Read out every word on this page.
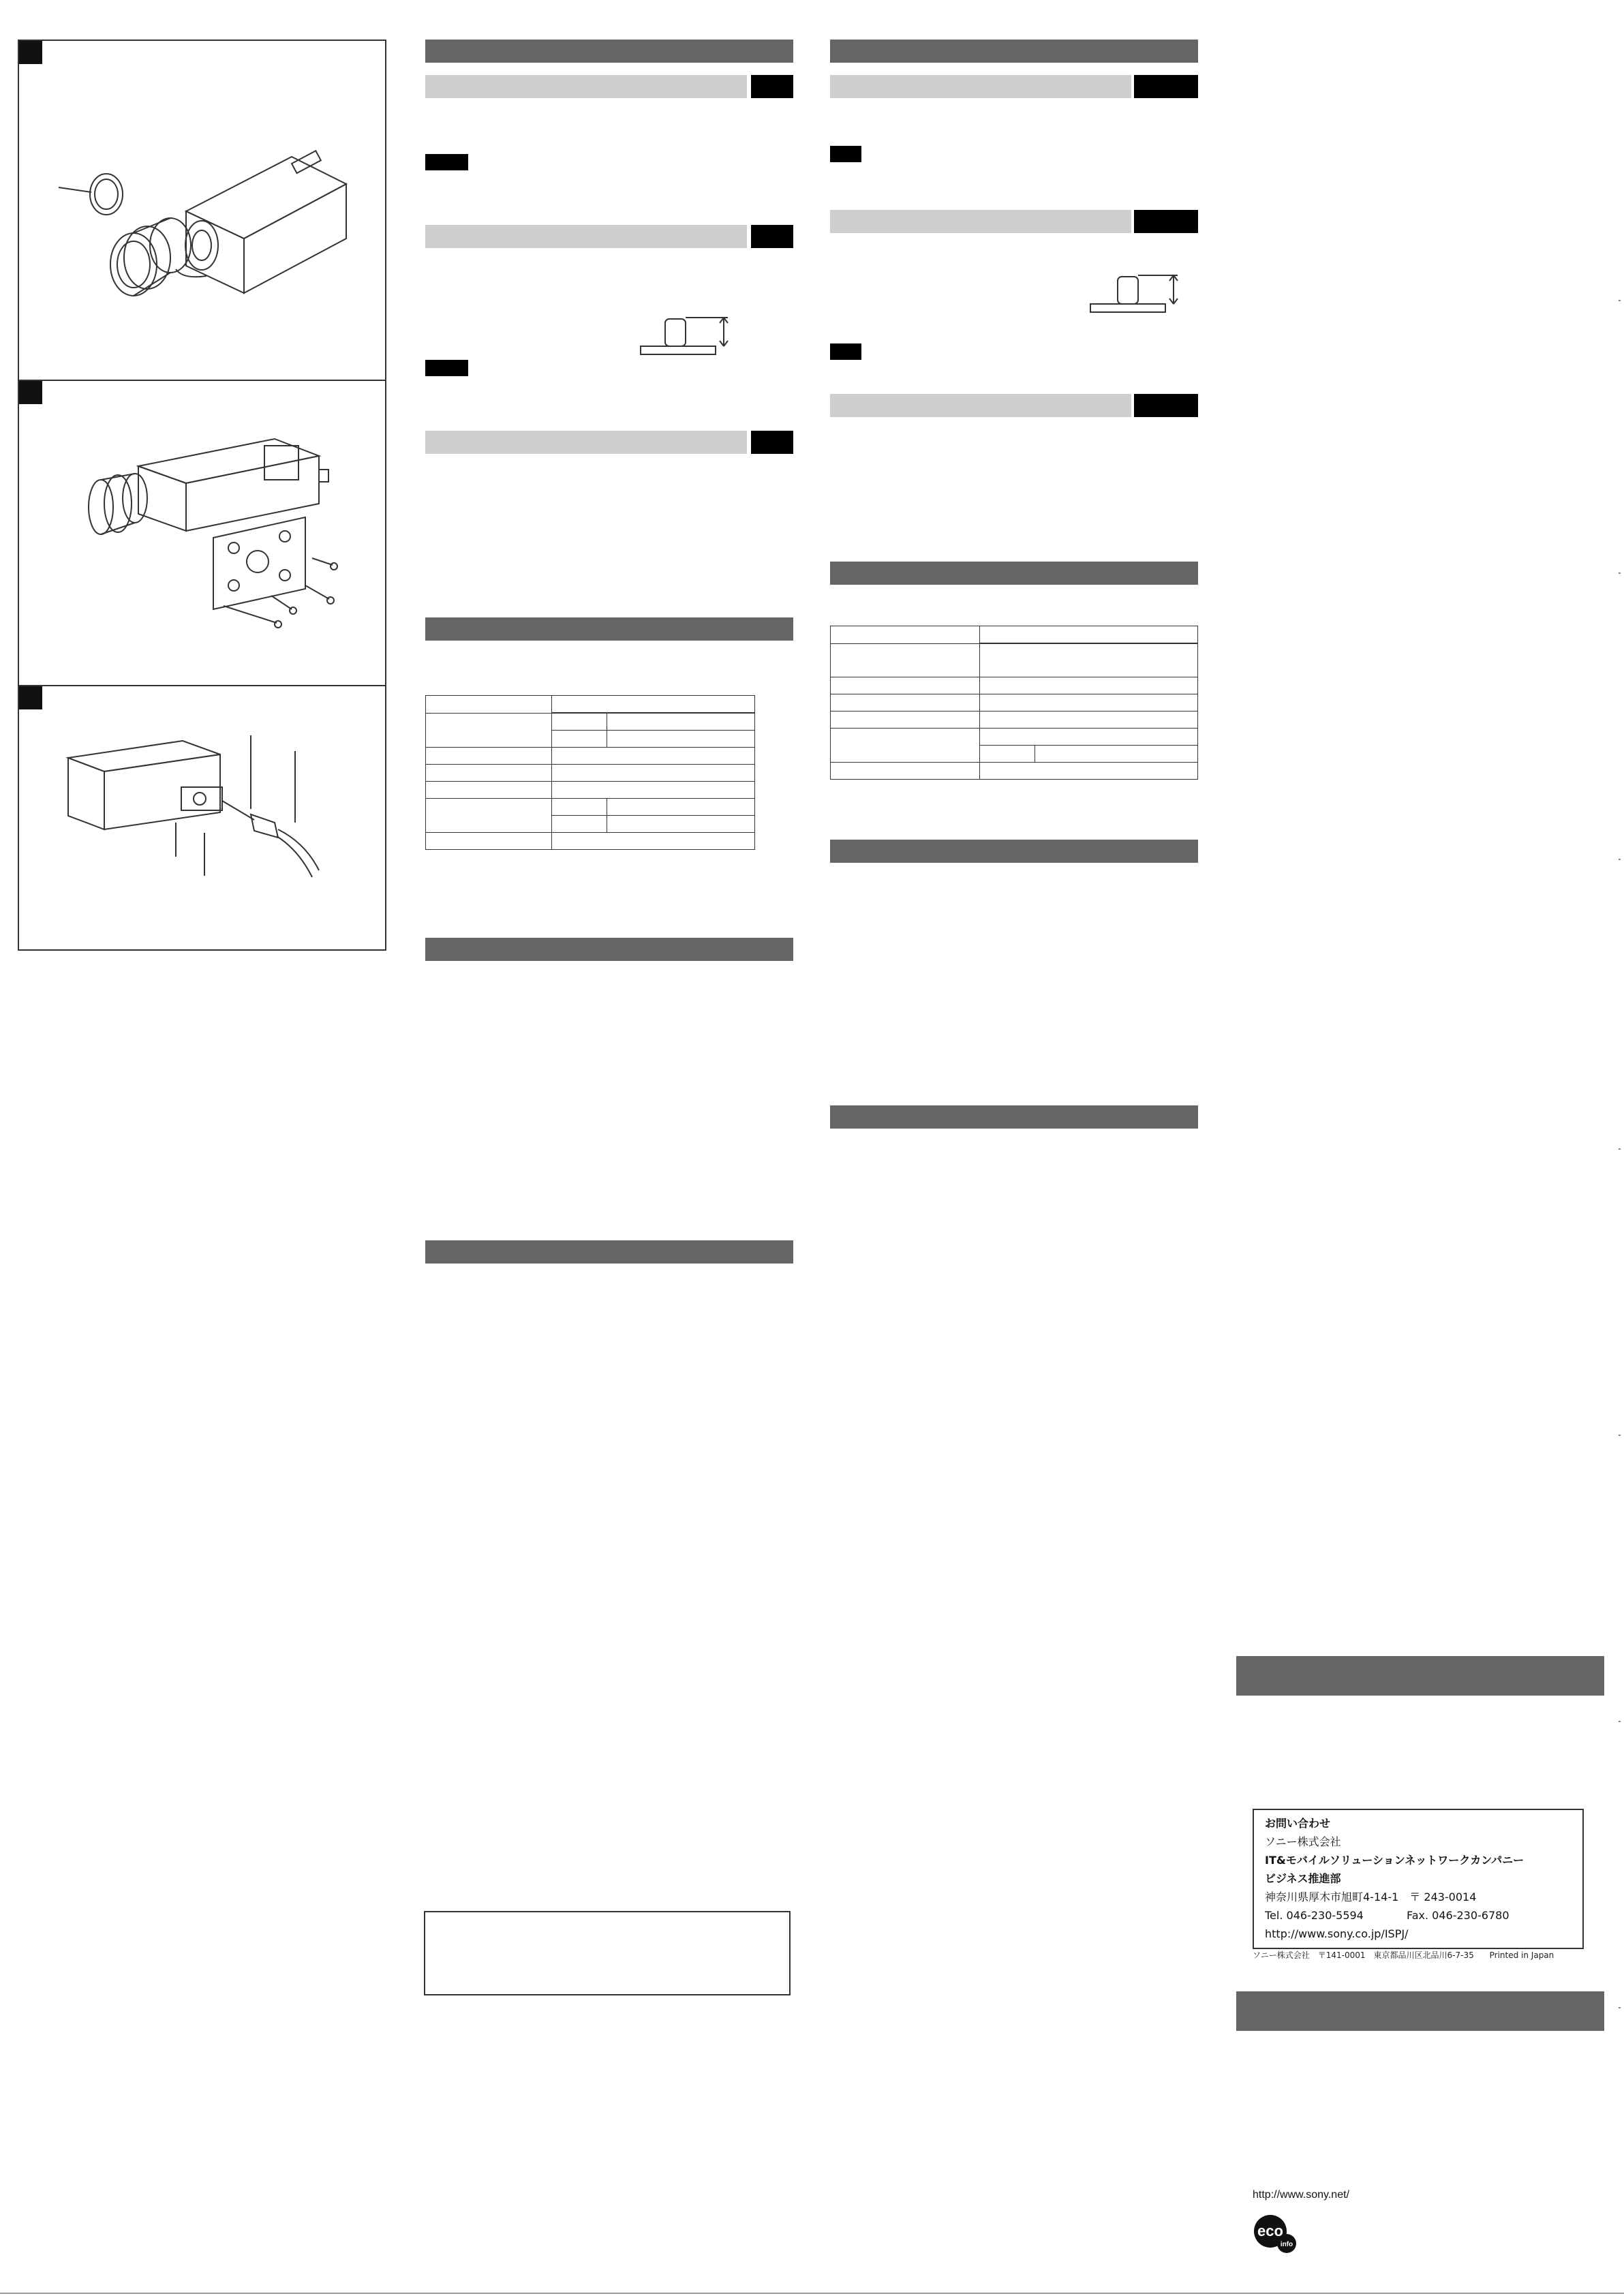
お問い合わせ
ソニー株式会社
IT&モバイルソリューションネットワークカンパニー
ビジネス推進部
神奈川県厚木市旭町4-14-1　〒 243-0014
Tel. 046-230-5594	Fax. 046-230-6780
http://www.sony.co.jp/ISPJ/
ソニー株式会社　〒141-0001　東京都品川区北品川6-7-35 Printed in Japan
http://www.sony.net/
eco
info
